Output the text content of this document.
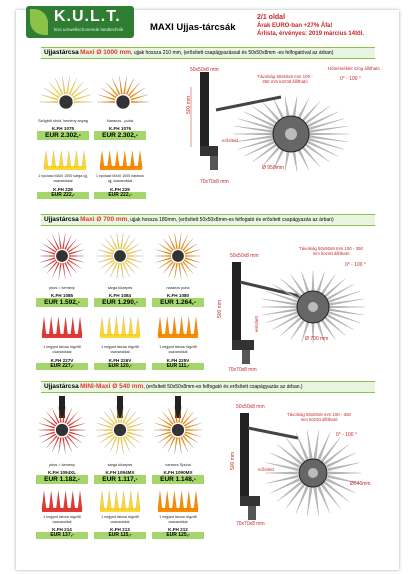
K.U.L.T.
kiss umweltschonende landtechnik	MAXI Ujjas-tárcsák
2/1 oldal
Árak EURO-ban +27% Áfa!
Árlista, érvényes: 2019 március 14től.
Ujjastárcsa Maxi Ø 1000 mm, ujjak hossza 210 mm, (erősített csapágyazással és 50x50x8mm -es felfogatóval az árban)
Szögből rövid, kemény anyag
K.FH 1075
EUR 2.302,-
Narancs - puha
K.FH 1076
EUR 2.302,-
1 nyolcad MAXI 1000 sárga ujj, csavarokkal
K.FH 228
EUR 222,-
1 nyolcad MAXI 1000 narancs ujj, csavarokkal
K.FH 229
EUR 222,-
50x50x8 mm
Távolság 50x50x8 mm 100 - 350 mm között állítható
Hőmérséklet szög állítható
0° - 100 °
500 mm
erősített
Ø 950mm
70x70x8 mm
Ujjastárcsa Maxi Ø 700 mm, ujjak hossza 180mm, (erősített 50x50x8mm-es felfogató és erősített csapágyazás az árban)
piros = kemény
K.FH 1085
EUR 1.592,-
sárga közepes
K.FH 1084
EUR 1.290,-
narancs puha
K.FH 1080
EUR 1.264,-
1 negyed tárcsa rögzítő csavarokkal
K.FH 227V
EUR 227,-
1 negyed tárcsa rögzítő csavarokkal
K.FH 226V
EUR 120,-
1 negyed tárcsa rögzítő csavarokkal
K.FH 225V
EUR 111,-
50x50x8 mm
Távolság 50x50x8 mm 100 - 350 mm között állítható
0° - 100 °
500 mm
erősített
Ø 700 mm
70x70x8 mm
Ujjastárcsa MINI-Maxi Ø 540 mm, (erősített 50x50x8mm-es felfogató és erősített csapágyazás az árban.)
piros = kemény
K.FH 1094XL
EUR 1.182,-
sárga közepes
K.FH 1094MX
EUR 1.117,-
narancs Spuha
K.FH 1090MX
EUR 1.148,-
1 negyed tárcsa rögzítő csavarokkal
K.FH 214
EUR 137,-
1 negyed tárcsa rögzítő csavarokkal
K.FH 213
EUR 115,-
1 negyed tárcsa rögzítő csavarokkal
K.FH 212
EUR 125,-
50x50x8 mm
Távolság 50x50x8 mm 100 - 350 mm között állítható
0° - 100 °
500 mm	erősített
Ø540mm
70x70x8 mm
